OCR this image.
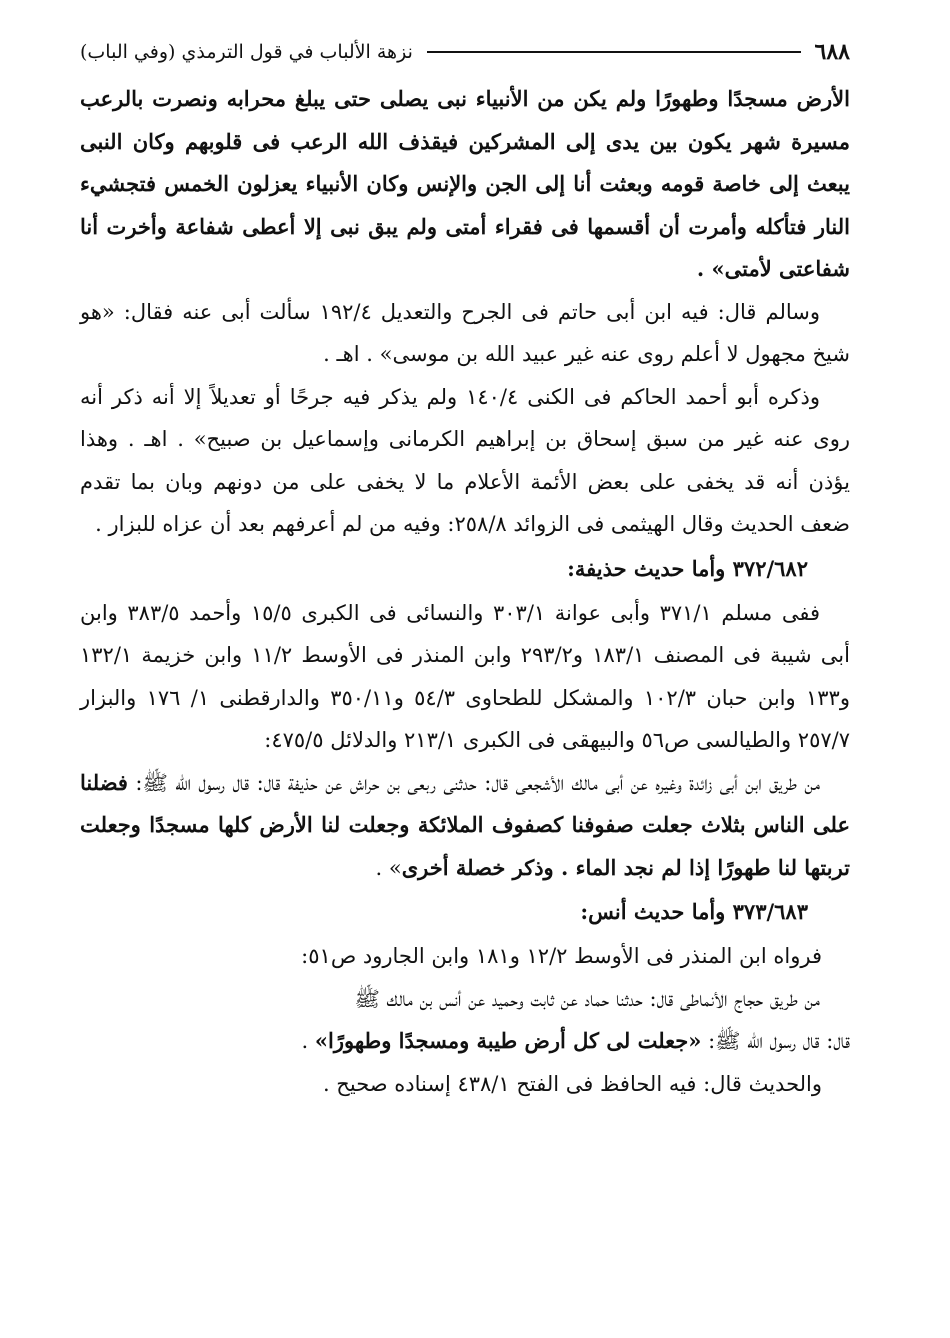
٦٨٨
نزهة الألباب في قول الترمذي (وفي الباب)

الأرض مسجدًا وطهورًا ولم يكن من الأنبياء نبى يصلى حتى يبلغ محرابه ونصرت بالرعب مسيرة شهر يكون بين يدى إلى المشركين فيقذف الله الرعب فى قلوبهم وكان النبى يبعث إلى خاصة قومه وبعثت أنا إلى الجن والإنس وكان الأنبياء يعزلون الخمس فتجشيء النار فتأكله وأمرت أن أقسمها فى فقراء أمتى ولم يبق نبى إلا أعطى شفاعة وأخرت أنا شفاعتى لأمتى» .

وسالم قال: فيه ابن أبى حاتم فى الجرح والتعديل ١٩٢/٤ سألت أبى عنه فقال: «هو شيخ مجهول لا أعلم روى عنه غير عبيد الله بن موسى» . اهـ .

وذكره أبو أحمد الحاكم فى الكنى ١٤٠/٤ ولم يذكر فيه جرحًا أو تعديلاً إلا أنه ذكر أنه روى عنه غير من سبق إسحاق بن إبراهيم الكرمانى وإسماعيل بن صبيح» . اهـ . وهذا يؤذن أنه قد يخفى على بعض الأئمة الأعلام ما لا يخفى على من دونهم وبان بما تقدم ضعف الحديث وقال الهيثمى فى الزوائد ٢٥٨/٨: وفيه من لم أعرفهم بعد أن عزاه للبزار .

٣٧٢/٦٨٢ وأما حديث حذيفة:

ففى مسلم ٣٧١/١ وأبى عوانة ٣٠٣/١ والنسائى فى الكبرى ١٥/٥ وأحمد ٣٨٣/٥ وابن أبى شيبة فى المصنف ١٨٣/١ و٢٩٣/٢ وابن المنذر فى الأوسط ١١/٢ وابن خزيمة ١٣٢/١ و١٣٣ وابن حبان ١٠٢/٣ والمشكل للطحاوى ٥٤/٣ و٣٥٠/١١ والدارقطنى ١/ ١٧٦ والبزار ٢٥٧/٧ والطيالسى ص٥٦ والبيهقى فى الكبرى ٢١٣/١ والدلائل ٤٧٥/٥:

من طريق ابن أبى زائدة وغيره عن أبى مالك الأشجعى قال: حدثنى ربعى بن حراش عن حذيفة قال: قال رسول الله ﷺ: فضلنا على الناس بثلاث جعلت صفوفنا كصفوف الملائكة وجعلت لنا الأرض كلها مسجدًا وجعلت تربتها لنا طهورًا إذا لم نجد الماء . وذكر خصلة أخرى» .

٣٧٣/٦٨٣ وأما حديث أنس:

فرواه ابن المنذر فى الأوسط ١٢/٢ و١٨١ وابن الجارود ص٥١:

من طريق حجاج الأنماطى قال: حدثنا حماد عن ثابت وحميد عن أنس بن مالك ﷺ

قال: قال رسول الله ﷺ: «جعلت لى كل أرض طيبة ومسجدًا وطهورًا» .

والحديث قال: فيه الحافظ فى الفتح ٤٣٨/١ إسناده صحيح .
